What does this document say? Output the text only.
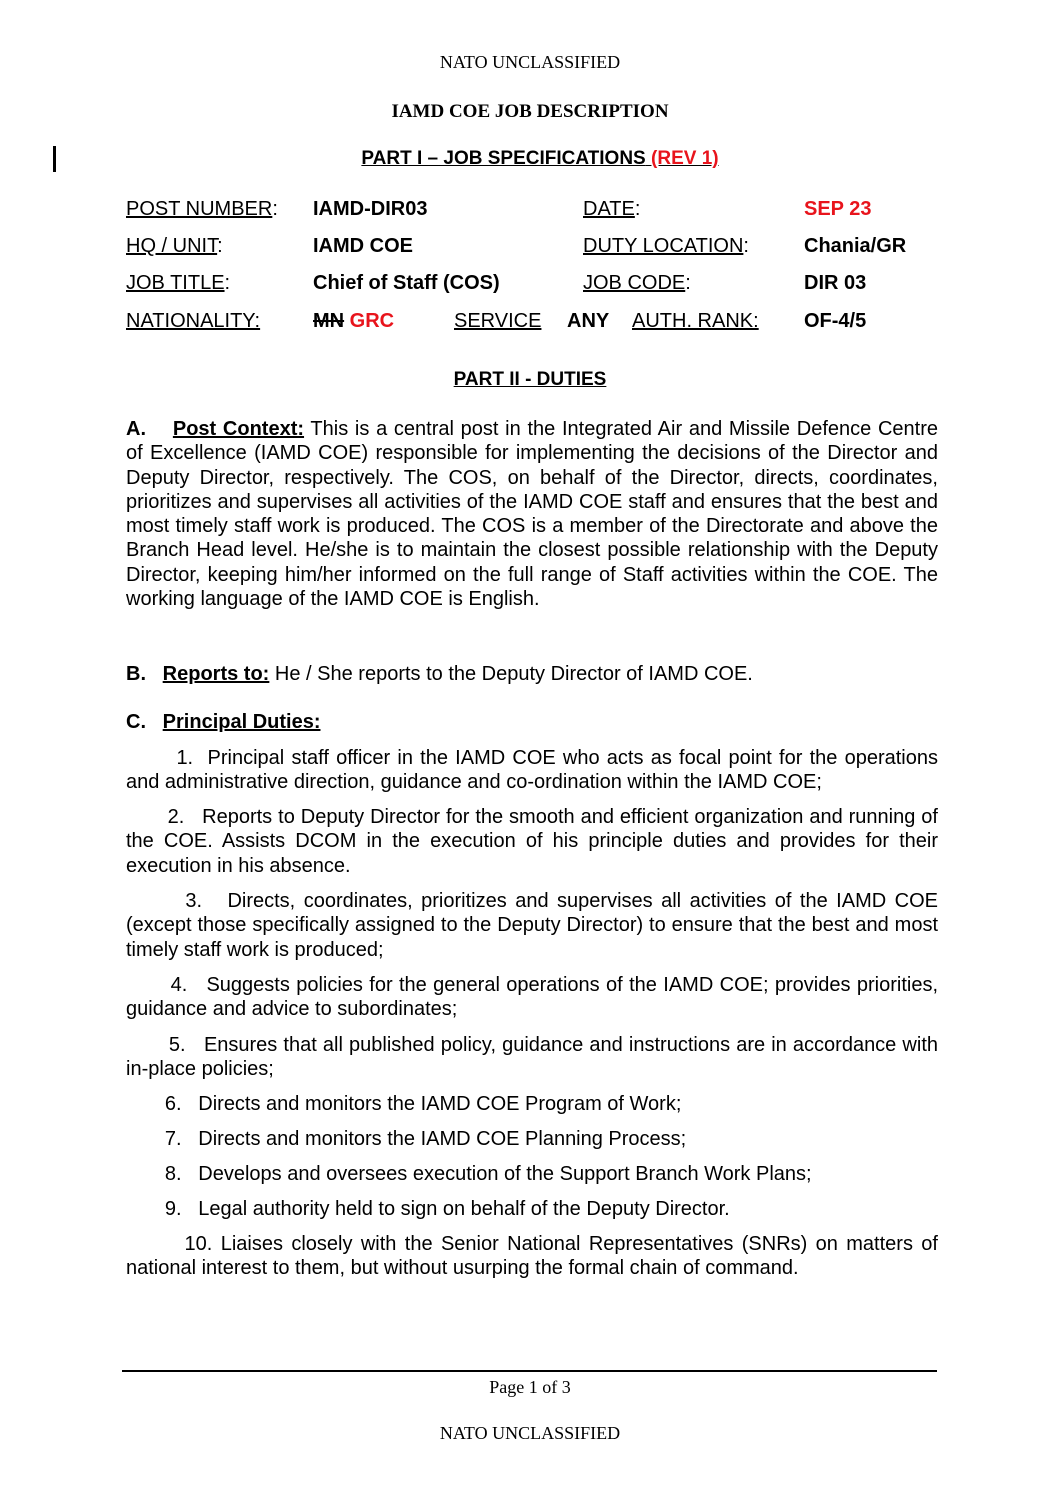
NATO UNCLASSIFIED
IAMD COE JOB DESCRIPTION
PART I – JOB SPECIFICATIONS (REV 1)
POST NUMBER: IAMD-DIR03	DATE:	SEP 23
HQ / UNIT:	IAMD COE	DUTY LOCATION:	Chania/GR
JOB TITLE:	Chief of Staff (COS)	JOB CODE:	DIR 03
NATIONALITY:	MN GRC	SERVICE ANY AUTH. RANK: OF-4/5
PART II - DUTIES

A. Post Context: This is a central post in the Integrated Air and Missile Defence Centre of Excellence (IAMD COE) responsible for implementing the decisions of the Director and Deputy Director, respectively. The COS, on behalf of the Director, directs, coordinates, prioritizes and supervises all activities of the IAMD COE staff and ensures that the best and most timely staff work is produced. The COS is a member of the Directorate and above the Branch Head level. He/she is to maintain the closest possible relationship with the Deputy Director, keeping him/her informed on the full range of Staff activities within the COE. The working language of the IAMD COE is English.

B. Reports to: He / She reports to the Deputy Director of IAMD COE.

C. Principal Duties:

1. Principal staff officer in the IAMD COE who acts as focal point for the operations and administrative direction, guidance and co-ordination within the IAMD COE;

2. Reports to Deputy Director for the smooth and efficient organization and running of the COE. Assists DCOM in the execution of his principle duties and provides for their execution in his absence.

3. Directs, coordinates, prioritizes and supervises all activities of the IAMD COE (except those specifically assigned to the Deputy Director) to ensure that the best and most timely staff work is produced;

4. Suggests policies for the general operations of the IAMD COE; provides priorities, guidance and advice to subordinates;

5. Ensures that all published policy, guidance and instructions are in accordance with in-place policies;

6. Directs and monitors the IAMD COE Program of Work;

7. Directs and monitors the IAMD COE Planning Process;

8. Develops and oversees execution of the Support Branch Work Plans;

9. Legal authority held to sign on behalf of the Deputy Director.

10. Liaises closely with the Senior National Representatives (SNRs) on matters of national interest to them, but without usurping the formal chain of command.

Page 1 of 3
NATO UNCLASSIFIED
